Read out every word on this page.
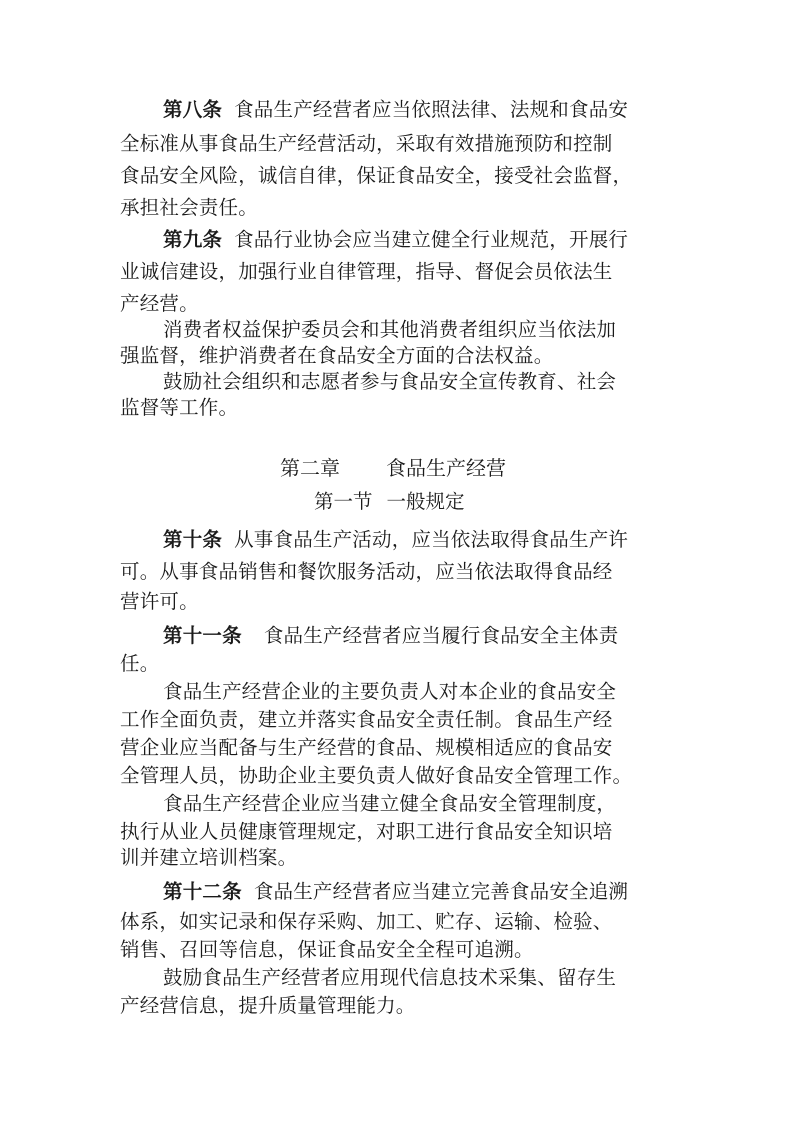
第八条 食品生产经营者应当依照法律、法规和食品安
全标准从事食品生产经营活动，采取有效措施预防和控制
食品安全风险，诚信自律，保证食品安全，接受社会监督，
承担社会责任。
第九条 食品行业协会应当建立健全行业规范，开展行
业诚信建设，加强行业自律管理，指导、督促会员依法生
产经营。
消费者权益保护委员会和其他消费者组织应当依法加
强监督，维护消费者在食品安全方面的合法权益。
鼓励社会组织和志愿者参与食品安全宣传教育、社会
监督等工作。
第二章 食品生产经营
第一节 一般规定
第十条 从事食品生产活动，应当依法取得食品生产许
可。从事食品销售和餐饮服务活动，应当依法取得食品经
营许可。
第十一条 食品生产经营者应当履行食品安全主体责
任。
食品生产经营企业的主要负责人对本企业的食品安全
工作全面负责，建立并落实食品安全责任制。食品生产经
营企业应当配备与生产经营的食品、规模相适应的食品安
全管理人员，协助企业主要负责人做好食品安全管理工作。
食品生产经营企业应当建立健全食品安全管理制度，
执行从业人员健康管理规定，对职工进行食品安全知识培
训并建立培训档案。
第十二条 食品生产经营者应当建立完善食品安全追溯
体系，如实记录和保存采购、加工、贮存、运输、检验、
销售、召回等信息，保证食品安全全程可追溯。
鼓励食品生产经营者应用现代信息技术采集、留存生
产经营信息，提升质量管理能力。
